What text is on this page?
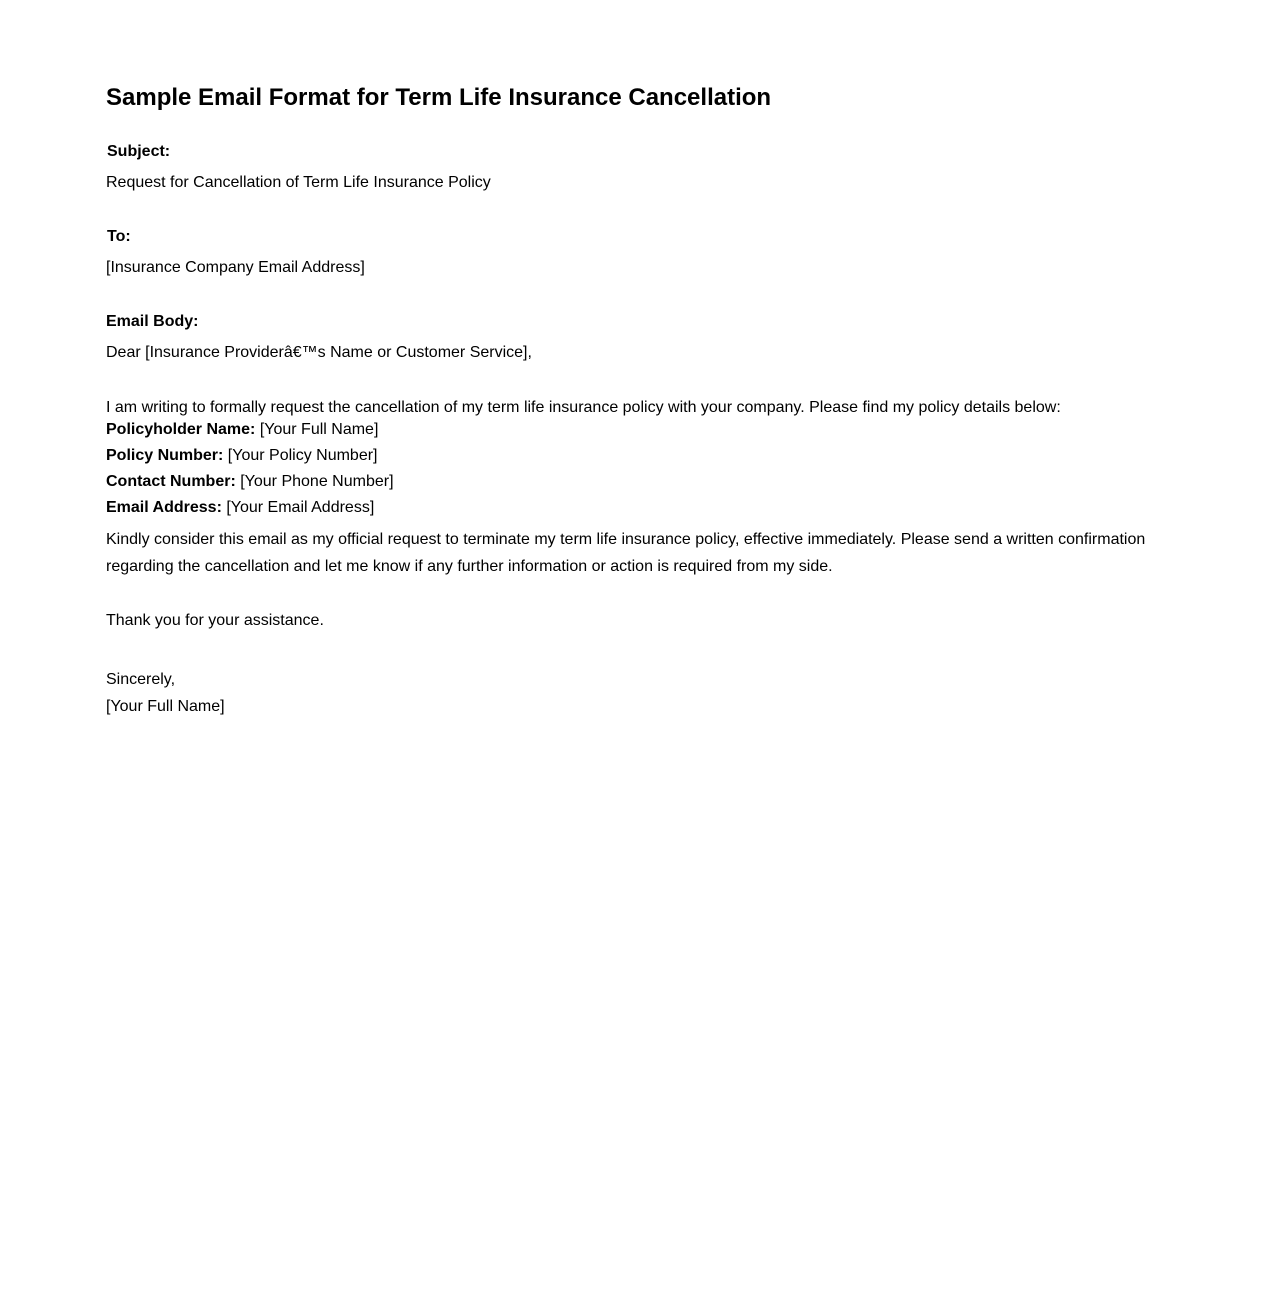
Sample Email Format for Term Life Insurance Cancellation
Subject:
Request for Cancellation of Term Life Insurance Policy
To:
[Insurance Company Email Address]
Email Body:
Dear [Insurance Providerâ€™s Name or Customer Service],
I am writing to formally request the cancellation of my term life insurance policy with your company. Please find my policy details below:
Policyholder Name: [Your Full Name]
Policy Number: [Your Policy Number]
Contact Number: [Your Phone Number]
Email Address: [Your Email Address]
Kindly consider this email as my official request to terminate my term life insurance policy, effective immediately. Please send a written confirmation regarding the cancellation and let me know if any further information or action is required from my side.
Thank you for your assistance.
Sincerely,
[Your Full Name]
